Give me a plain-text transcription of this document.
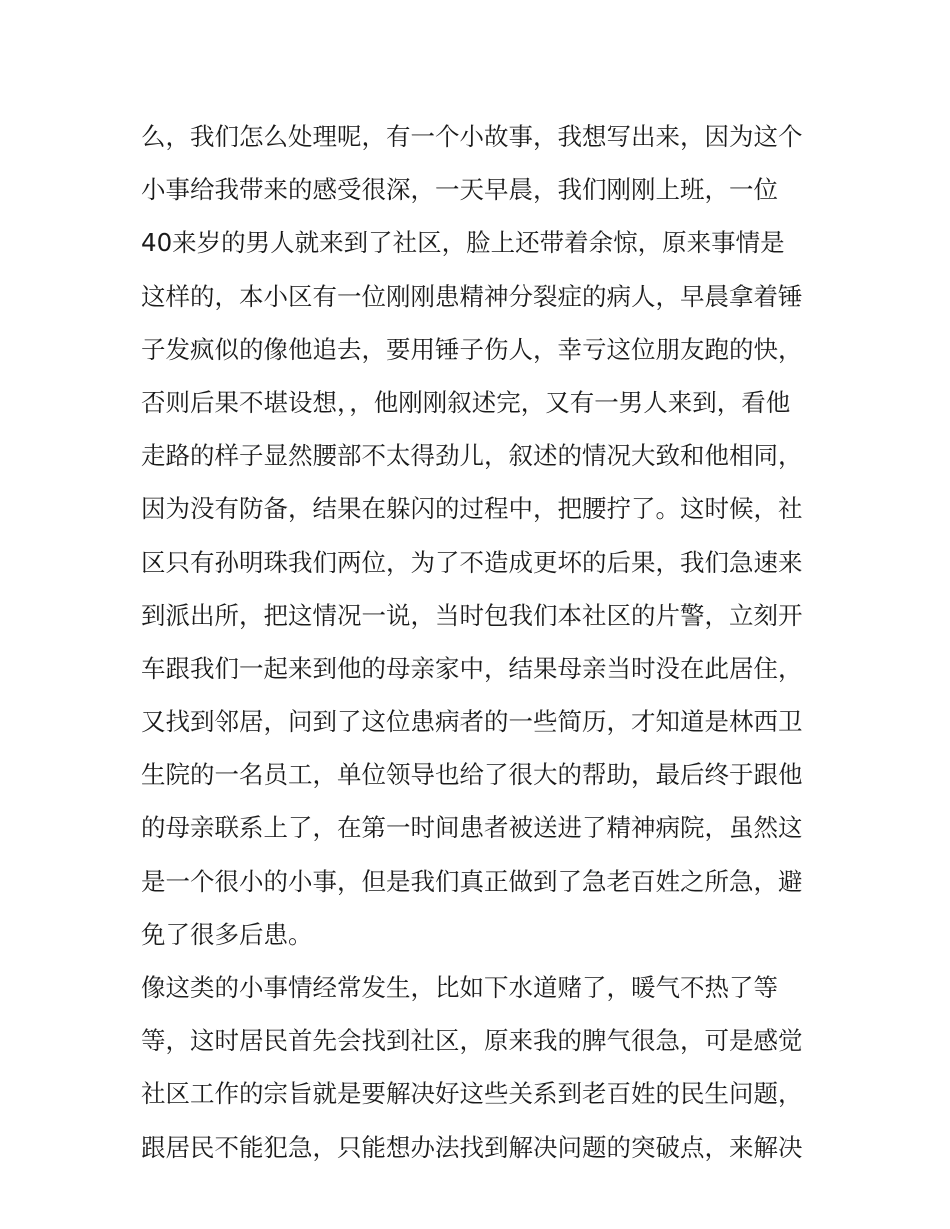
么，我们怎么处理呢，有一个小故事，我想写出来，因为这个
小事给我带来的感受很深，一天早晨，我们刚刚上班，一位
40来岁的男人就来到了社区，脸上还带着余惊，原来事情是
这样的，本小区有一位刚刚患精神分裂症的病人，早晨拿着锤
子发疯似的像他追去，要用锤子伤人，幸亏这位朋友跑的快，
否则后果不堪设想，，他刚刚叙述完，又有一男人来到，看他
走路的样子显然腰部不太得劲儿，叙述的情况大致和他相同，
因为没有防备，结果在躲闪的过程中，把腰拧了。这时候，社
区只有孙明珠我们两位，为了不造成更坏的后果，我们急速来
到派出所，把这情况一说，当时包我们本社区的片警，立刻开
车跟我们一起来到他的母亲家中，结果母亲当时没在此居住，
又找到邻居，问到了这位患病者的一些简历，才知道是林西卫
生院的一名员工，单位领导也给了很大的帮助，最后终于跟他
的母亲联系上了，在第一时间患者被送进了精神病院，虽然这
是一个很小的小事，但是我们真正做到了急老百姓之所急，避
免了很多后患。
像这类的小事情经常发生，比如下水道赌了，暖气不热了等
等，这时居民首先会找到社区，原来我的脾气很急，可是感觉
社区工作的宗旨就是要解决好这些关系到老百姓的民生问题，
跟居民不能犯急，只能想办法找到解决问题的突破点，来解决
